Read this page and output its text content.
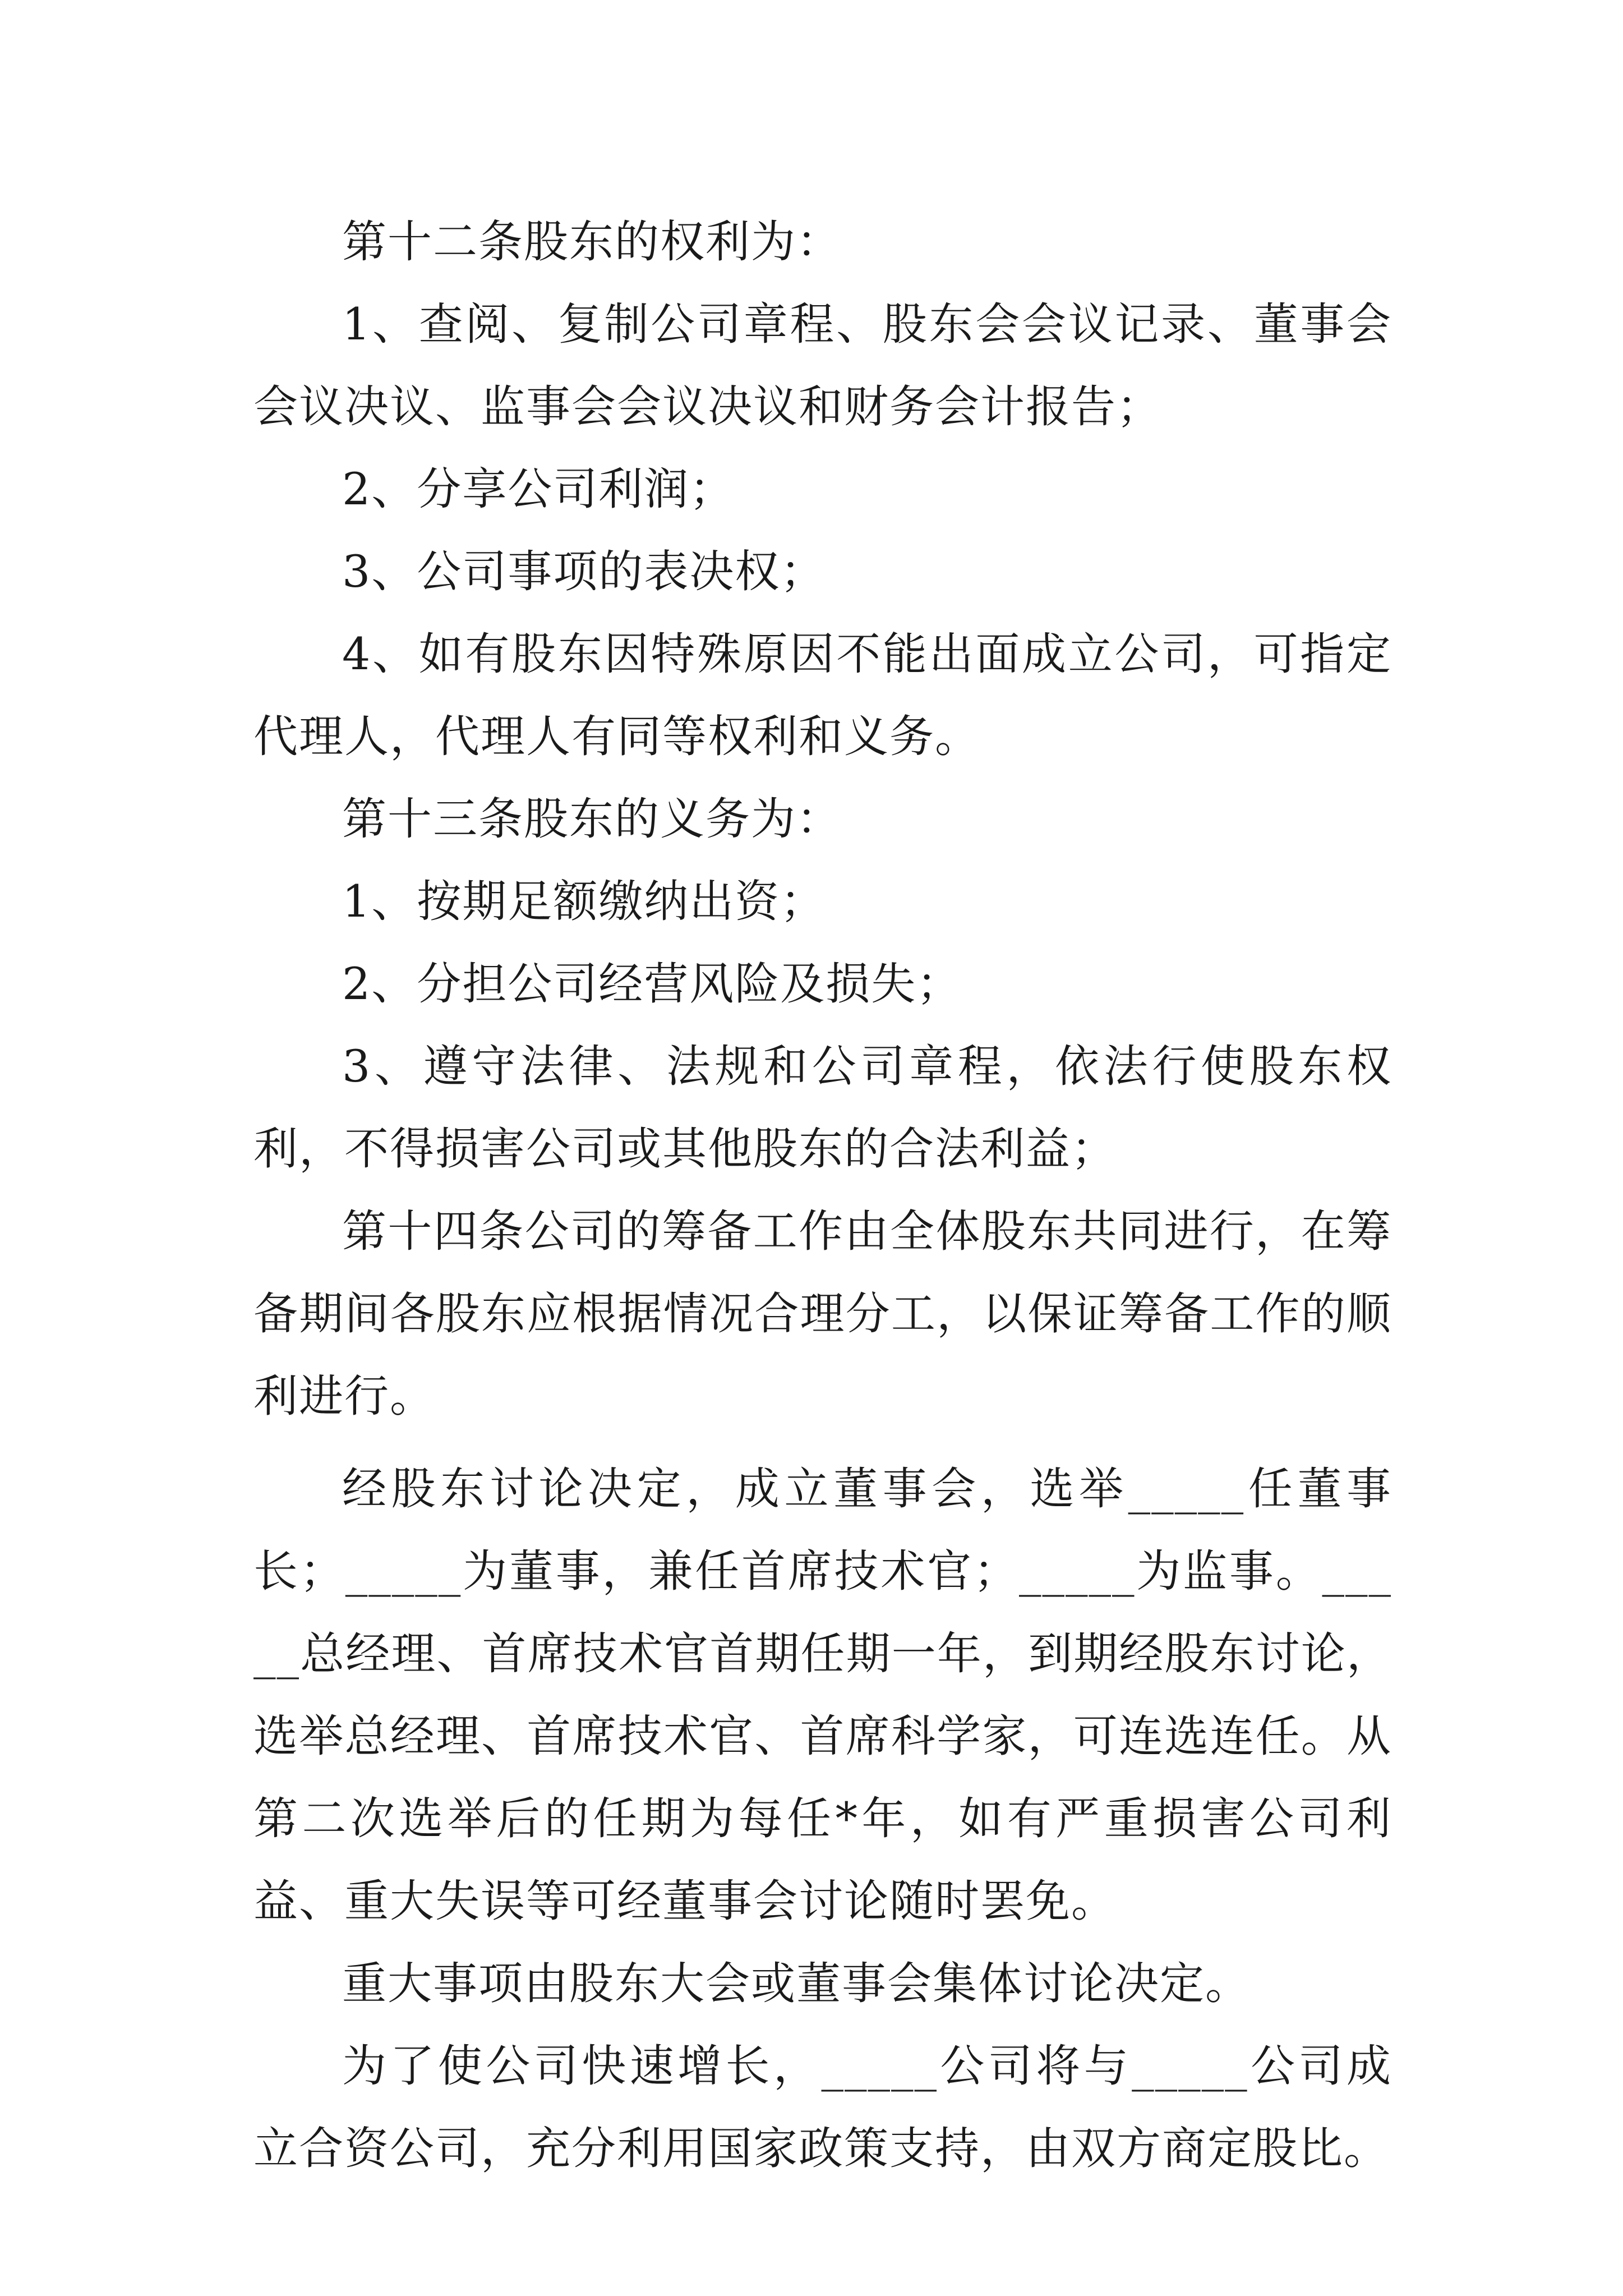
第十二条股东的权利为：

1、查阅、复制公司章程、股东会会议记录、董事会会议决议、监事会会议决议和财务会计报告；

2、分享公司利润；

3、公司事项的表决权；

4、如有股东因特殊原因不能出面成立公司，可指定代理人，代理人有同等权利和义务。

第十三条股东的义务为：

1、按期足额缴纳出资；

2、分担公司经营风险及损失；

3、遵守法律、法规和公司章程，依法行使股东权利，不得损害公司或其他股东的合法利益；

第十四条公司的筹备工作由全体股东共同进行，在筹备期间各股东应根据情况合理分工，以保证筹备工作的顺利进行。

经股东讨论决定，成立董事会，选举_____任董事长；_____为董事，兼任首席技术官；_____为监事。_____总经理、首席技术官首期任期一年，到期经股东讨论，选举总经理、首席技术官、首席科学家，可连选连任。从第二次选举后的任期为每任*年，如有严重损害公司利益、重大失误等可经董事会讨论随时罢免。

重大事项由股东大会或董事会集体讨论决定。

为了使公司快速增长，_____公司将与_____公司成立合资公司，充分利用国家政策支持，由双方商定股比。
